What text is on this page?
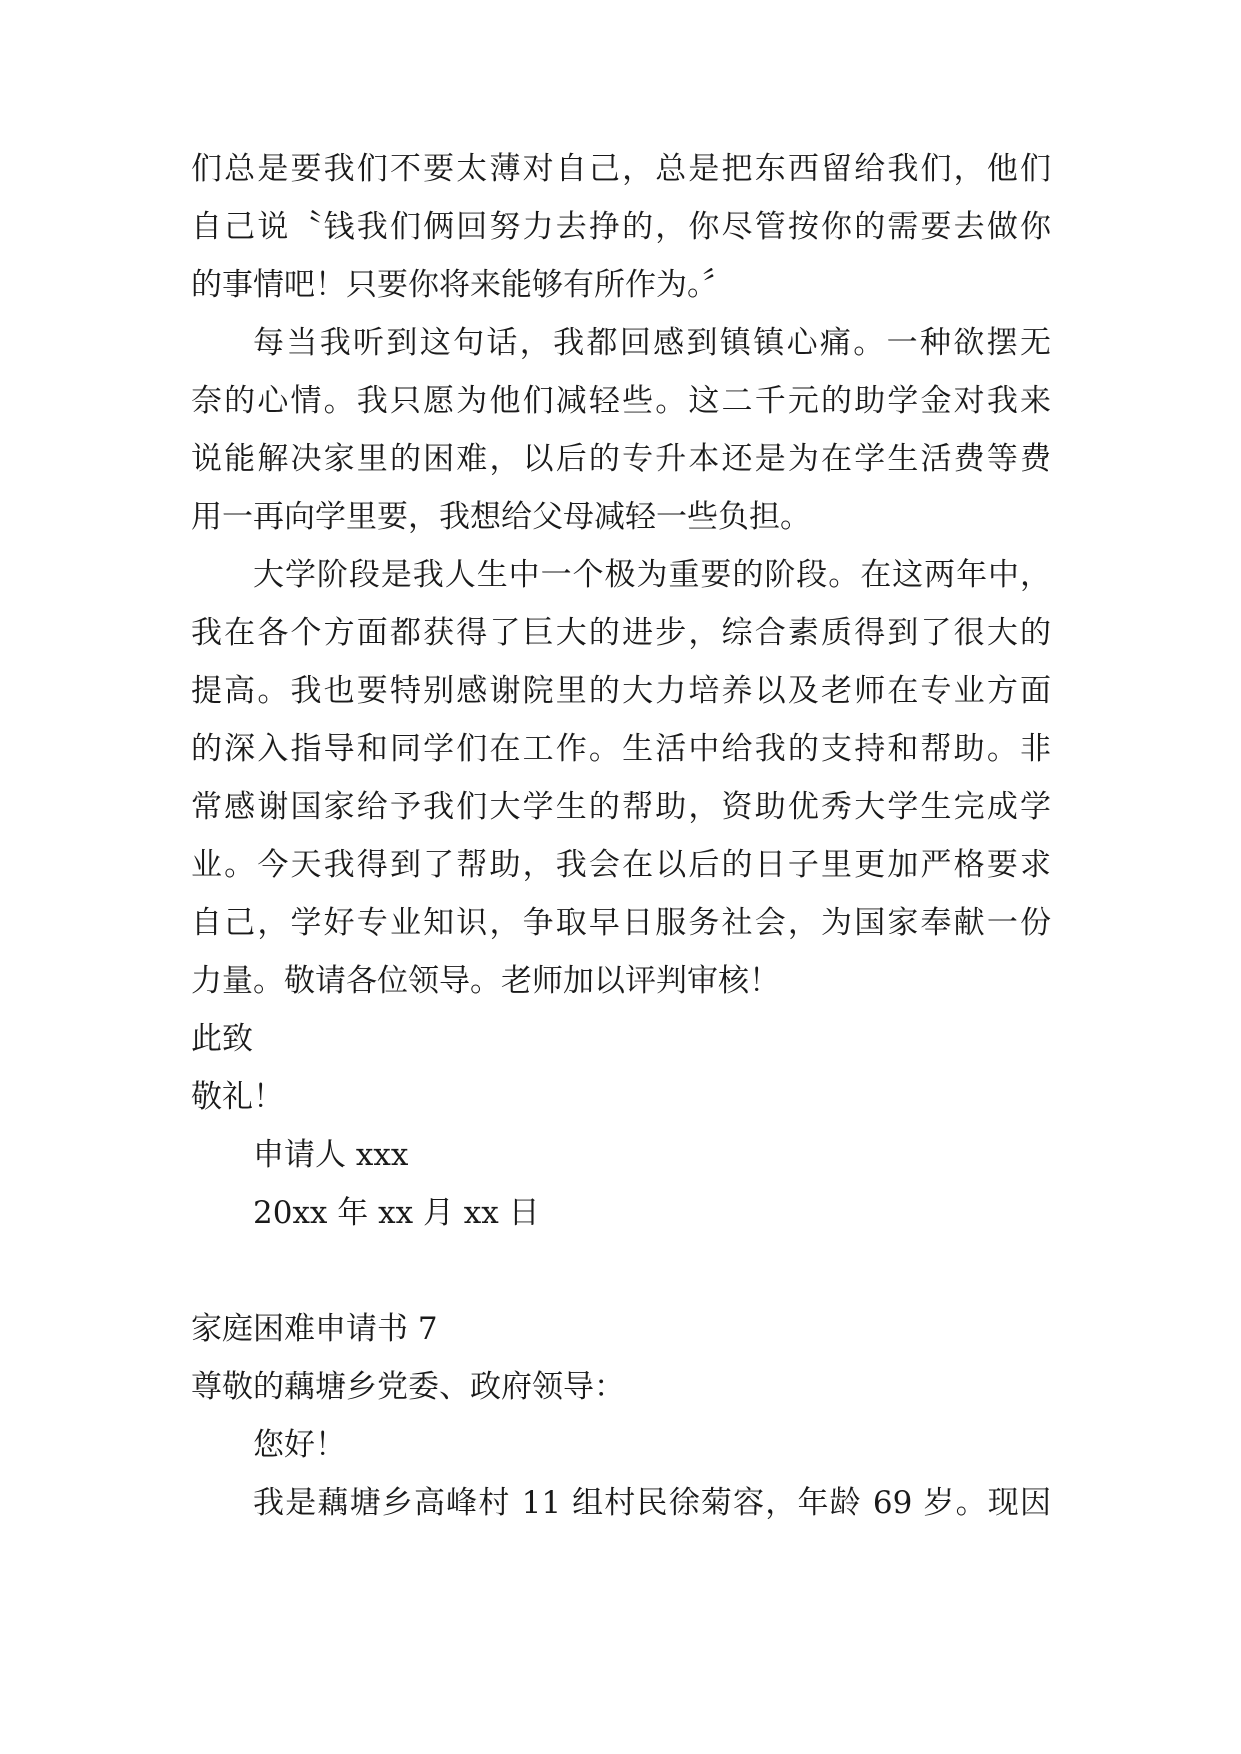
们总是要我们不要太薄对自己，总是把东西留给我们，他们
自己说〝钱我们俩回努力去挣的，你尽管按你的需要去做你
的事情吧！只要你将来能够有所作为。〞
每当我听到这句话，我都回感到镇镇心痛。一种欲摆无
奈的心情。我只愿为他们减轻些。这二千元的助学金对我来
说能解决家里的困难，以后的专升本还是为在学生活费等费
用一再向学里要，我想给父母减轻一些负担。
大学阶段是我人生中一个极为重要的阶段。在这两年中，
我在各个方面都获得了巨大的进步，综合素质得到了很大的
提高。我也要特别感谢院里的大力培养以及老师在专业方面
的深入指导和同学们在工作。生活中给我的支持和帮助。非
常感谢国家给予我们大学生的帮助，资助优秀大学生完成学
业。今天我得到了帮助，我会在以后的日子里更加严格要求
自己，学好专业知识，争取早日服务社会，为国家奉献一份
力量。敬请各位领导。老师加以评判审核！
此致
敬礼！
申请人 xxx
20xx 年 xx 月 xx 日
家庭困难申请书 7
尊敬的藕塘乡党委、政府领导：
您好！
我是藕塘乡高峰村 11 组村民徐菊容，年龄 69 岁。现因
